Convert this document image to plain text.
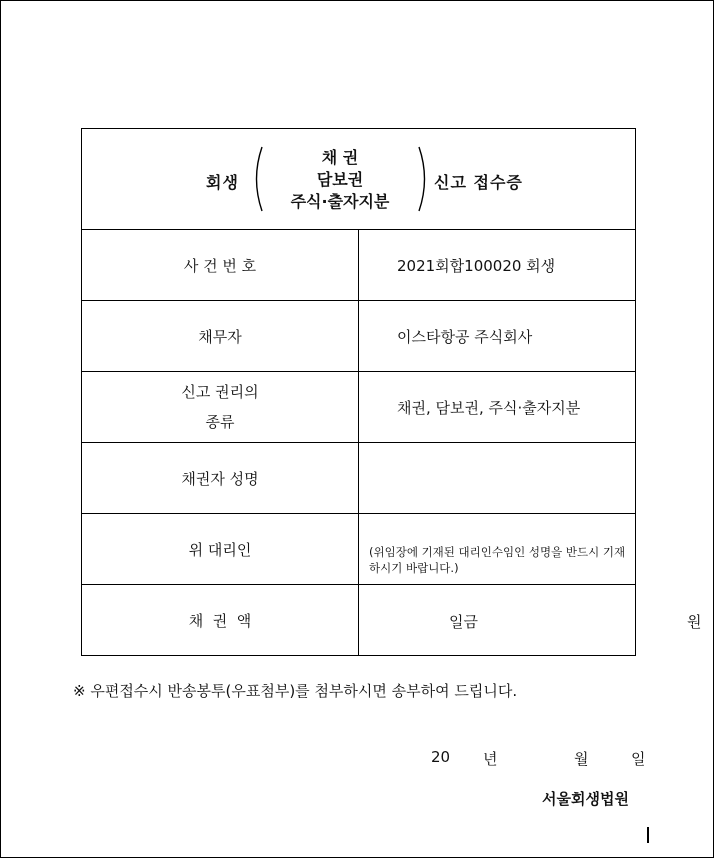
회생
채 권
담보권
주식·출자지분
신고 접수증	

사 건 번 호	2021회합100020 회생
채무자	이스타항공 주식회사

신고 권리의
종류	채권, 담보권, 주식·출자지분
채권자 성명	
위 대리인	(위임장에 기재된 대리인수임인 성명을 반드시 기재하시기 바랍니다.)

채  권  액	일금 원
※ 우편접수시 반송봉투(우표첨부)를 첨부하시면 송부하여 드립니다.
20 년	월	일
서울회생법원
